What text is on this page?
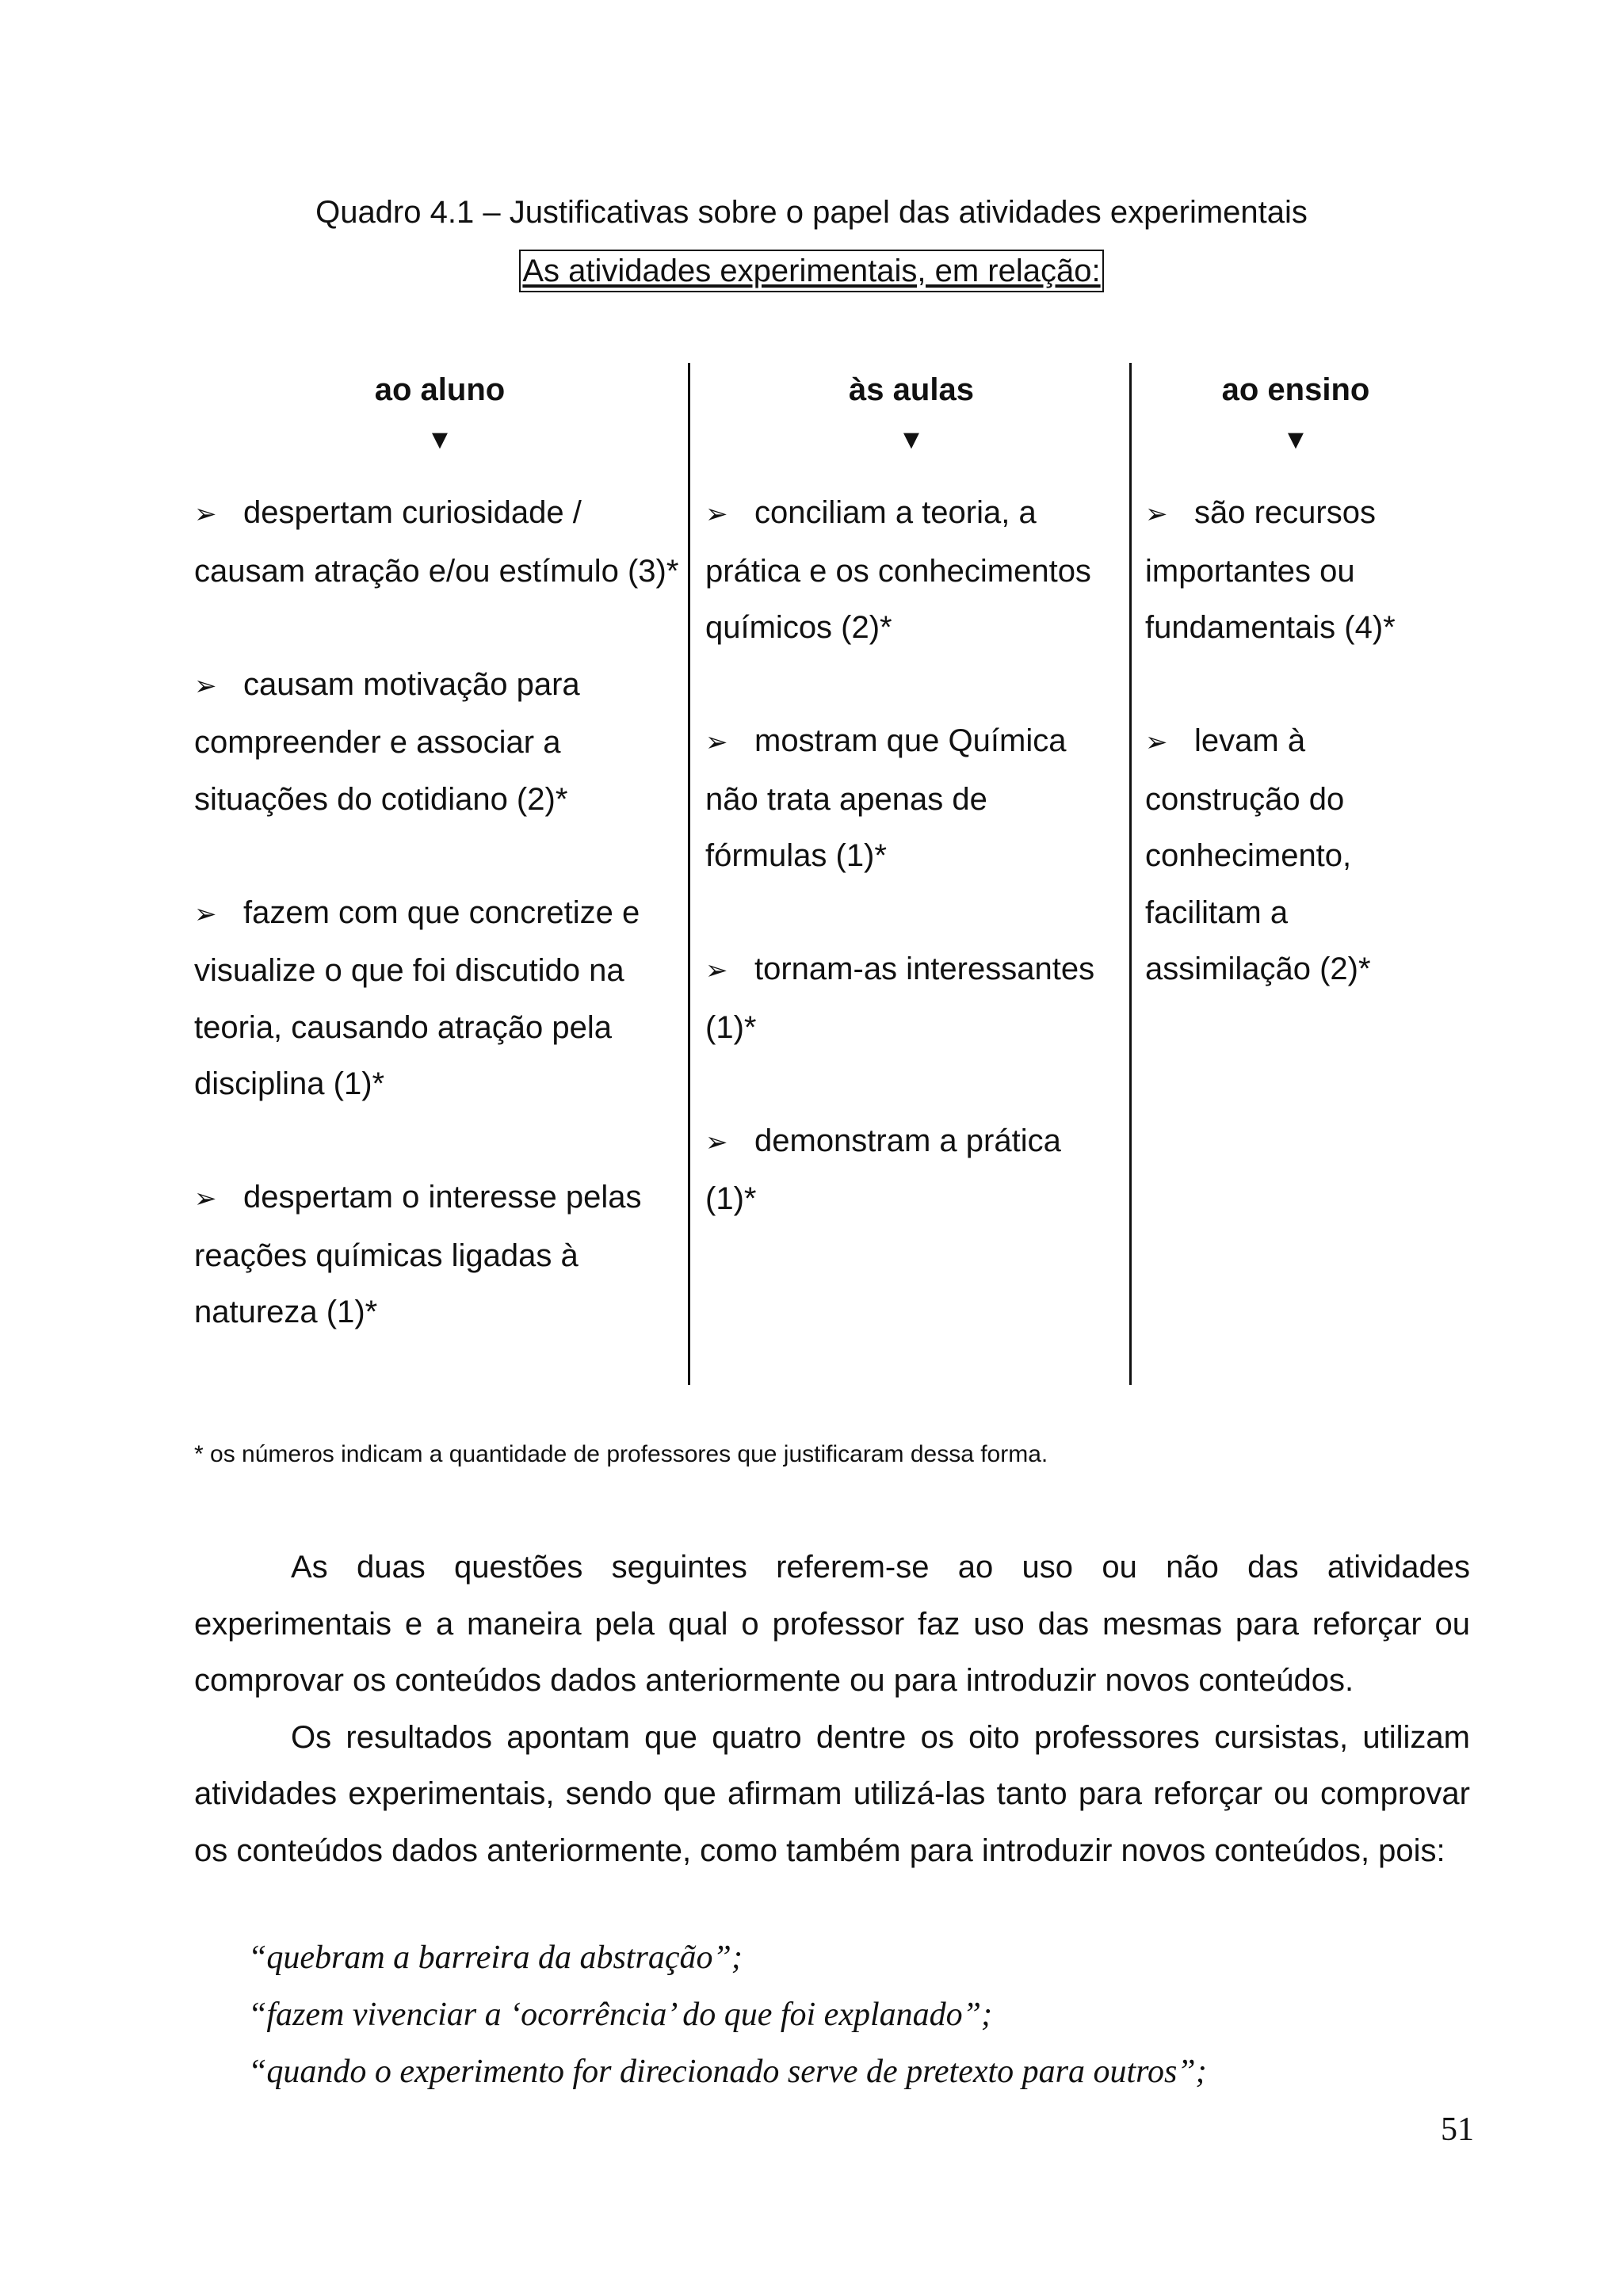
Quadro 4.1 – Justificativas sobre o papel das atividades experimentais
As atividades experimentais, em relação:
ao aluno
▼
➢ despertam curiosidade / causam atração e/ou estímulo (3)*
➢ causam motivação para compreender e associar a situações do cotidiano (2)*
➢ fazem com que concretize e visualize o que foi discutido na teoria, causando atração pela disciplina (1)*
➢ despertam o interesse pelas reações químicas ligadas à natureza (1)*
às aulas
▼
➢ conciliam a teoria, a prática e os conhecimentos químicos (2)*
➢ mostram que Química não trata apenas de fórmulas (1)*
➢ tornam-as interessantes (1)*
➢ demonstram a prática (1)*
ao ensino
▼
➢ são recursos importantes ou fundamentais (4)*
➢ levam à construção do conhecimento, facilitam a assimilação (2)*
* os números indicam a quantidade de professores que justificaram dessa forma.

As duas questões seguintes referem-se ao uso ou não das atividades experimentais e a maneira pela qual o professor faz uso das mesmas para reforçar ou comprovar os conteúdos dados anteriormente ou para introduzir novos conteúdos.

Os resultados apontam que quatro dentre os oito professores cursistas, utilizam atividades experimentais, sendo que afirmam utilizá-las tanto para reforçar ou comprovar os conteúdos dados anteriormente, como também para introduzir novos conteúdos, pois:

“quebram a barreira da abstração”;
“fazem vivenciar a ‘ocorrência’ do que foi explanado”;
“quando o experimento for direcionado serve de pretexto para outros”;
51
